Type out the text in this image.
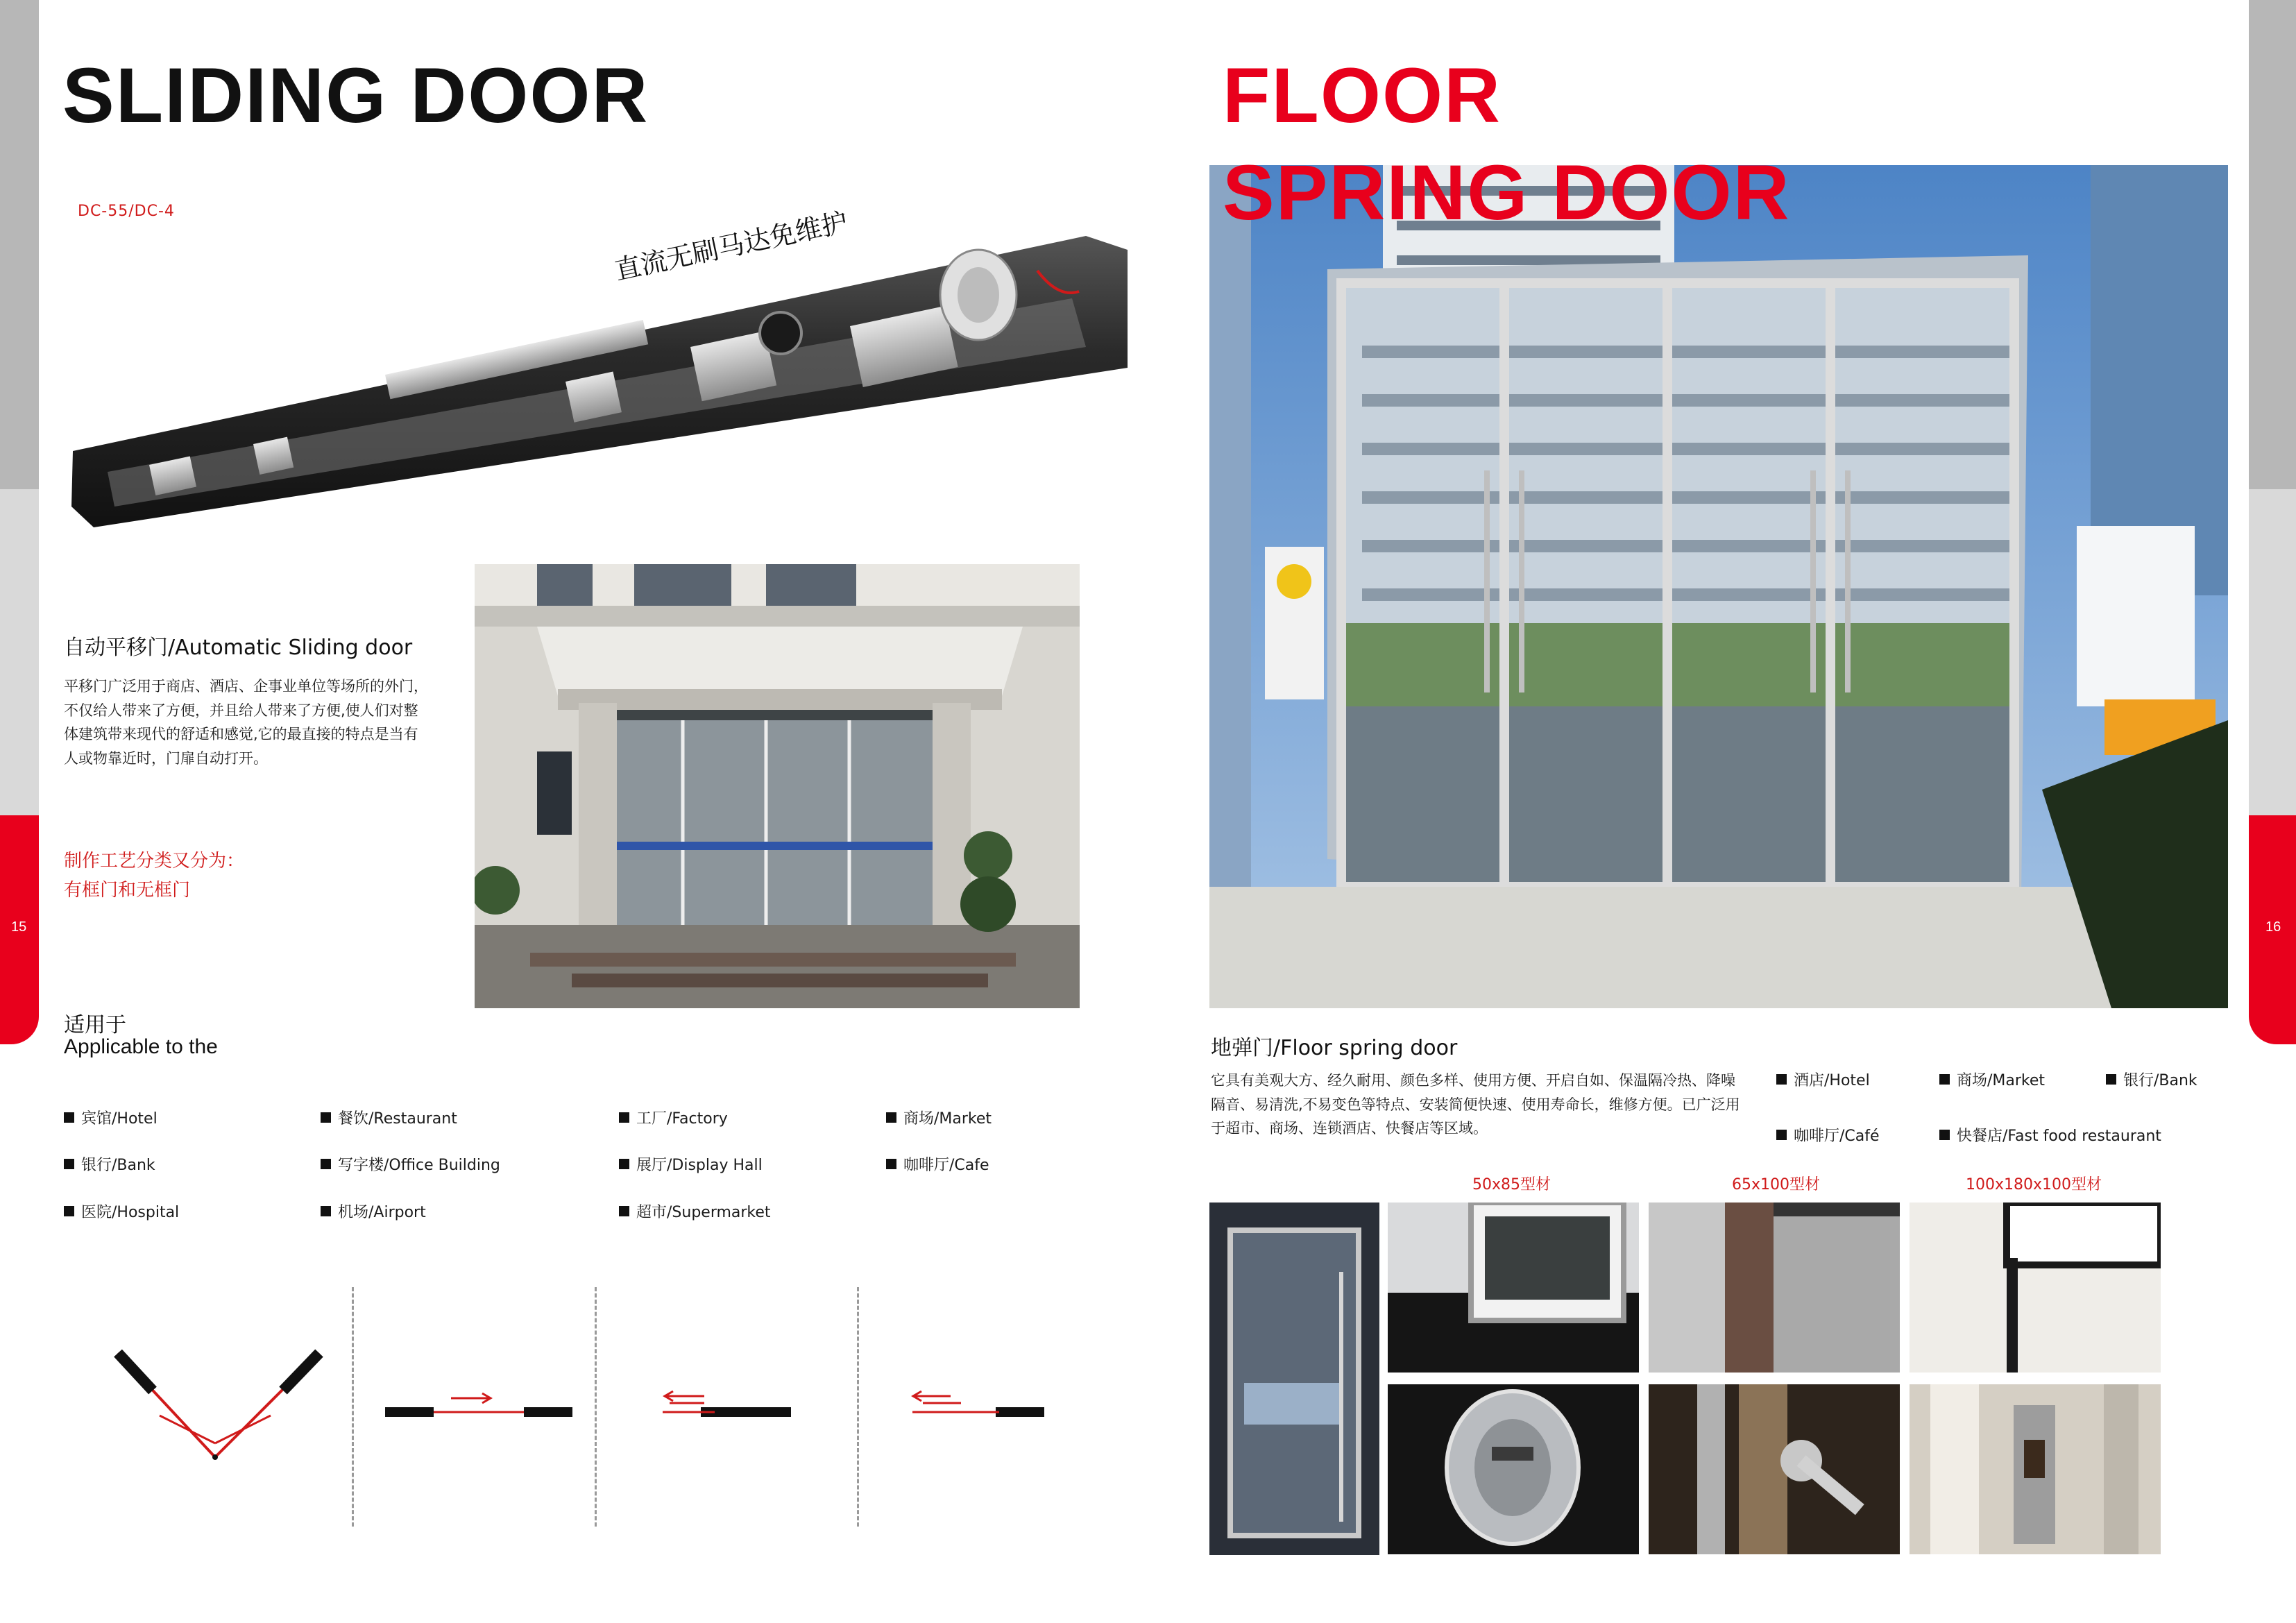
15	16
SLIDING DOOR
DC-55/DC-4	直流无刷马达免维护
自动平移门/Automatic Sliding door
平移门广泛用于商店、酒店、企事业单位等场所的外门，不仅给人带来了方便，并且给人带来了方便,使人们对整体建筑带来现代的舒适和感觉,它的最直接的特点是当有人或物靠近时，门扉自动打开。
制作工艺分类又分为：
有框门和无框门
适用于
Applicable to the
宾馆/Hotel	餐饮/Restaurant	工厂/Factory	商场/Market
银行/Bank	写字楼/Office Building	展厅/Display Hall	咖啡厅/Cafe
医院/Hospital	机场/Airport	超市/Supermarket
FLOOR
SPRING DOOR
地弹门/Floor spring door
它具有美观大方、经久耐用、颜色多样、使用方便、开启自如、保温隔冷热、降噪隔音、易清洗,不易变色等特点、安装简便快速、使用寿命长，维修方便。已广泛用于超市、商场、连锁酒店、快餐店等区域。
酒店/Hotel	商场/Market	银行/Bank
咖啡厅/Café	快餐店/Fast food restaurant
50x85型材	65x100型材	100x180x100型材
